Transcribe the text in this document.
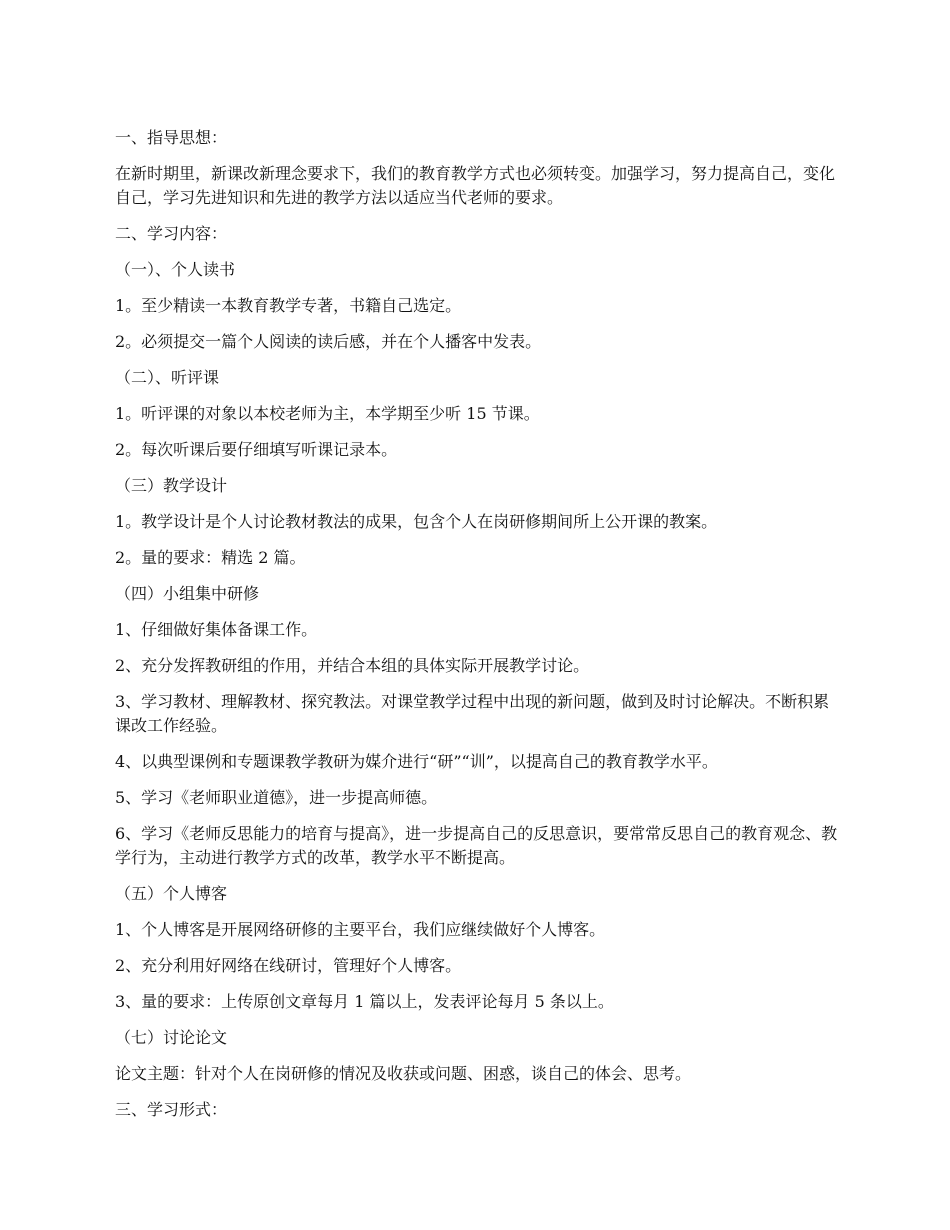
一、指导思想：

在新时期里，新课改新理念要求下，我们的教育教学方式也必须转变。加强学习，努力提高自己，变化自己，学习先进知识和先进的教学方法以适应当代老师的要求。

二、学习内容：

（一）、个人读书

1。至少精读一本教育教学专著，书籍自己选定。

2。必须提交一篇个人阅读的读后感，并在个人播客中发表。

（二）、听评课

1。听评课的对象以本校老师为主，本学期至少听 15 节课。

2。每次听课后要仔细填写听课记录本。

（三）教学设计

1。教学设计是个人讨论教材教法的成果，包含个人在岗研修期间所上公开课的教案。

2。量的要求：精选 2 篇。

（四）小组集中研修

1、仔细做好集体备课工作。

2、充分发挥教研组的作用，并结合本组的具体实际开展教学讨论。

3、学习教材、理解教材、探究教法。对课堂教学过程中出现的新问题，做到及时讨论解决。不断积累课改工作经验。

4、以典型课例和专题课教学教研为媒介进行“研”“训”，以提高自己的教育教学水平。

5、学习《老师职业道德》，进一步提高师德。

6、学习《老师反思能力的培育与提高》，进一步提高自己的反思意识，要常常反思自己的教育观念、教学行为，主动进行教学方式的改革，教学水平不断提高。

（五）个人博客

1、个人博客是开展网络研修的主要平台，我们应继续做好个人博客。

2、充分利用好网络在线研讨，管理好个人博客。

3、量的要求：上传原创文章每月 1 篇以上，发表评论每月 5 条以上。

（七）讨论论文

论文主题：针对个人在岗研修的情况及收获或问题、困惑，谈自己的体会、思考。

三、学习形式：
